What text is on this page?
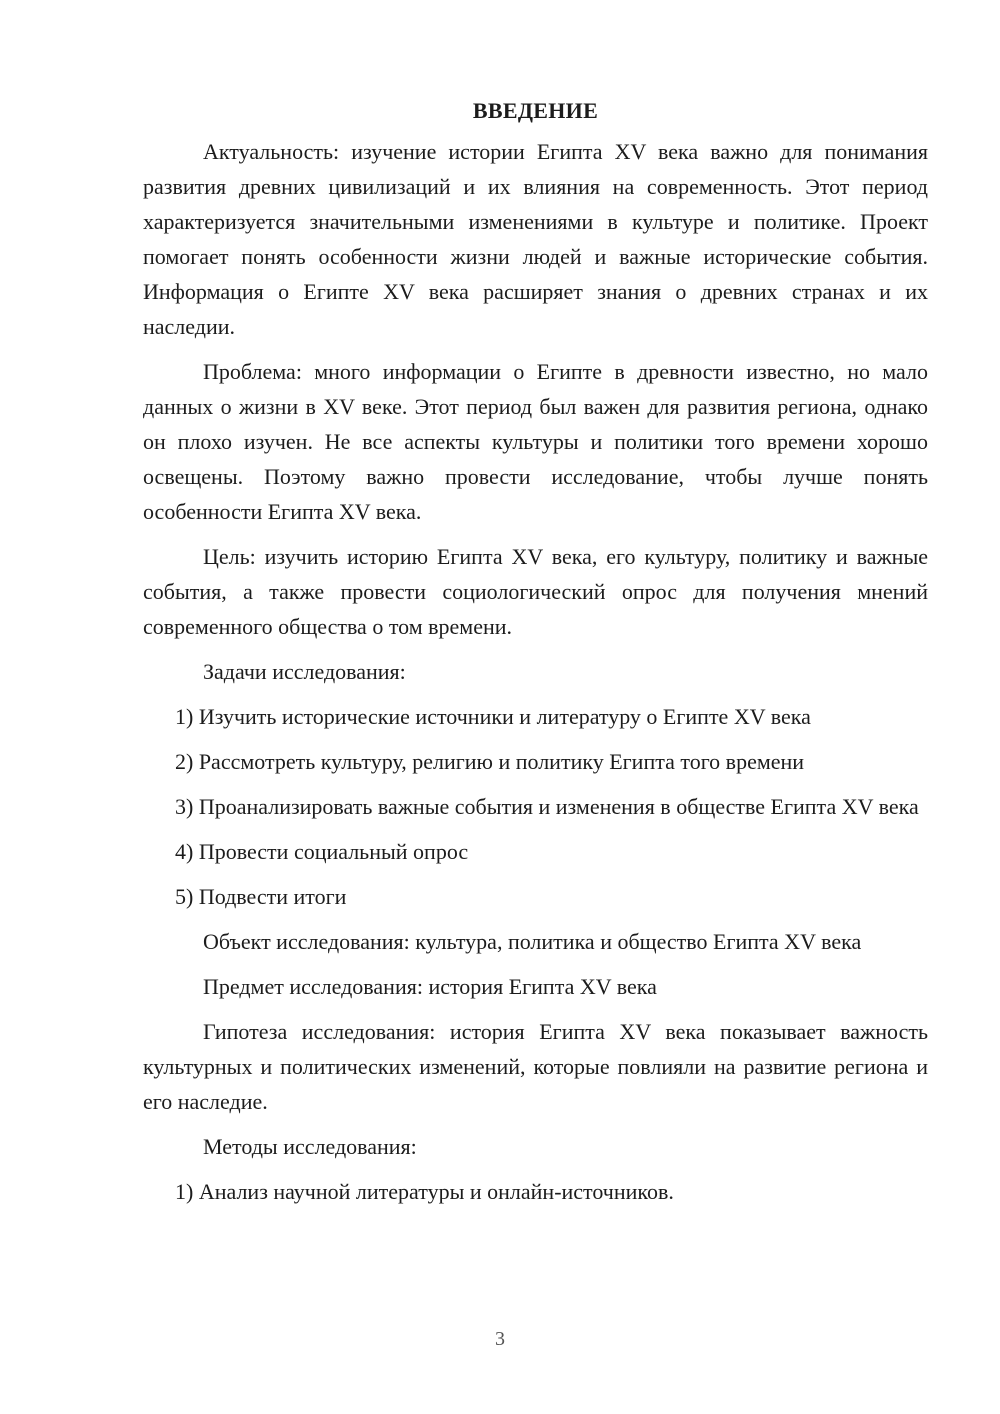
ВВЕДЕНИЕ

Актуальность: изучение истории Египта XV века важно для понимания развития древних цивилизаций и их влияния на современность. Этот период характеризуется значительными изменениями в культуре и политике. Проект помогает понять особенности жизни людей и важные исторические события. Информация о Египте XV века расширяет знания о древних странах и их наследии.

Проблема: много информации о Египте в древности известно, но мало данных о жизни в XV веке. Этот период был важен для развития региона, однако он плохо изучен. Не все аспекты культуры и политики того времени хорошо освещены. Поэтому важно провести исследование, чтобы лучше понять особенности Египта XV века.

Цель: изучить историю Египта XV века, его культуру, политику и важные события, а также провести социологический опрос для получения мнений современного общества о том времени.

Задачи исследования:

1) Изучить исторические источники и литературу о Египте XV века

2) Рассмотреть культуру, религию и политику Египта того времени

3) Проанализировать важные события и изменения в обществе Египта XV века

4) Провести социальный опрос

5) Подвести итоги

Объект исследования: культура, политика и общество Египта XV века

Предмет исследования: история Египта XV века

Гипотеза исследования: история Египта XV века показывает важность культурных и политических изменений, которые повлияли на развитие региона и его наследие.

Методы исследования:

1) Анализ научной литературы и онлайн-источников.

3
